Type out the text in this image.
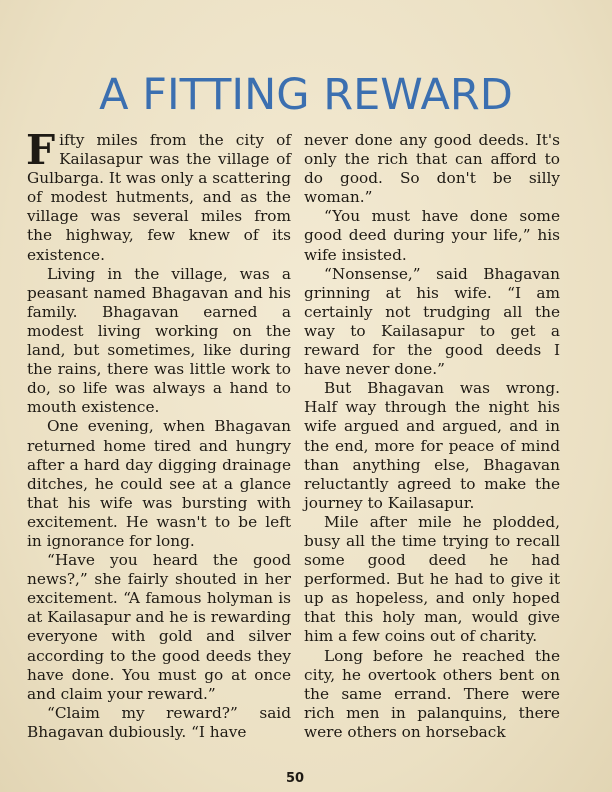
A FITTING REWARD

Fifty miles from the city of Kailasapur was the village of Gulbarga. It was only a scattering of modest hutments, and as the village was several miles from the highway, few knew of its existence.

Living in the village, was a peasant named Bhagavan and his family. Bhagavan earned a modest living working on the land, but sometimes, like during the rains, there was little work to do, so life was always a hand to mouth existence.

One evening, when Bhagavan returned home tired and hungry after a hard day digging drainage ditches, he could see at a glance that his wife was bursting with excitement. He wasn't to be left in ignorance for long.

“Have you heard the good news?,” she fairly shouted in her excitement. “A famous holyman is at Kailasapur and he is rewarding everyone with gold and silver according to the good deeds they have done. You must go at once and claim your reward.”

“Claim my reward?” said Bhagavan dubiously. “I have

never done any good deeds. It's only the rich that can afford to do good. So don't be silly woman.”

“You must have done some good deed during your life,” his wife insisted.

“Nonsense,” said Bhagavan grinning at his wife. “I am certainly not trudging all the way to Kailasapur to get a reward for the good deeds I have never done.”

But Bhagavan was wrong. Half way through the night his wife argued and argued, and in the end, more for peace of mind than anything else, Bhagavan reluctantly agreed to make the journey to Kailasapur.

Mile after mile he plodded, busy all the time trying to recall some good deed he had performed. But he had to give it up as hopeless, and only hoped that this holy man, would give him a few coins out of charity.

Long before he reached the city, he overtook others bent on the same errand. There were rich men in palanquins, there were others on horseback

50
